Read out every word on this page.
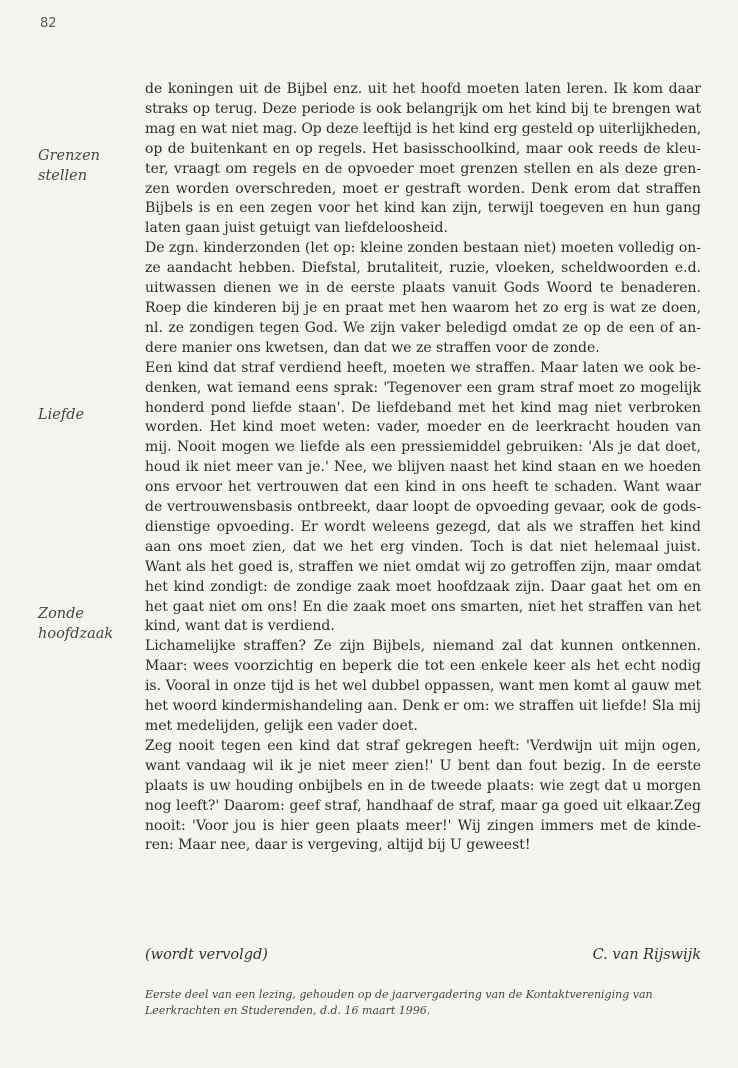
82
Grenzen
stellen
Liefde
Zonde
hoofdzaak
de koningen uit de Bijbel enz. uit het hoofd moeten laten leren. Ik kom daar
straks op terug. Deze periode is ook belangrijk om het kind bij te brengen wat
mag en wat niet mag. Op deze leeftijd is het kind erg gesteld op uiterlijkheden,
op de buitenkant en op regels. Het basisschoolkind, maar ook reeds de kleu-
ter, vraagt om regels en de opvoeder moet grenzen stellen en als deze gren-
zen worden overschreden, moet er gestraft worden. Denk erom dat straffen
Bijbels is en een zegen voor het kind kan zijn, terwijl toegeven en hun gang
laten gaan juist getuigt van liefdeloosheid.
De zgn. kinderzonden (let op: kleine zonden bestaan niet) moeten volledig on-
ze aandacht hebben. Diefstal, brutaliteit, ruzie, vloeken, scheldwoorden e.d.
uitwassen dienen we in de eerste plaats vanuit Gods Woord te benaderen.
Roep die kinderen bij je en praat met hen waarom het zo erg is wat ze doen,
nl. ze zondigen tegen God. We zijn vaker beledigd omdat ze op de een of an-
dere manier ons kwetsen, dan dat we ze straffen voor de zonde.
Een kind dat straf verdiend heeft, moeten we straffen. Maar laten we ook be-
denken, wat iemand eens sprak: 'Tegenover een gram straf moet zo mogelijk
honderd pond liefde staan'. De liefdeband met het kind mag niet verbroken
worden. Het kind moet weten: vader, moeder en de leerkracht houden van
mij. Nooit mogen we liefde als een pressiemiddel gebruiken: 'Als je dat doet,
houd ik niet meer van je.' Nee, we blijven naast het kind staan en we hoeden
ons ervoor het vertrouwen dat een kind in ons heeft te schaden. Want waar
de vertrouwensbasis ontbreekt, daar loopt de opvoeding gevaar, ook de gods-
dienstige opvoeding. Er wordt weleens gezegd, dat als we straffen het kind
aan ons moet zien, dat we het erg vinden. Toch is dat niet helemaal juist.
Want als het goed is, straffen we niet omdat wij zo getroffen zijn, maar omdat
het kind zondigt: de zondige zaak moet hoofdzaak zijn. Daar gaat het om en
het gaat niet om ons! En die zaak moet ons smarten, niet het straffen van het
kind, want dat is verdiend.
Lichamelijke straffen? Ze zijn Bijbels, niemand zal dat kunnen ontkennen.
Maar: wees voorzichtig en beperk die tot een enkele keer als het echt nodig
is. Vooral in onze tijd is het wel dubbel oppassen, want men komt al gauw met
het woord kindermishandeling aan. Denk er om: we straffen uit liefde! Sla mij
met medelijden, gelijk een vader doet.
Zeg nooit tegen een kind dat straf gekregen heeft: 'Verdwijn uit mijn ogen,
want vandaag wil ik je niet meer zien!' U bent dan fout bezig. In de eerste
plaats is uw houding onbijbels en in de tweede plaats: wie zegt dat u morgen
nog leeft?' Daarom: geef straf, handhaaf de straf, maar ga goed uit elkaar.Zeg
nooit: 'Voor jou is hier geen plaats meer!' Wij zingen immers met de kinde-
ren: Maar nee, daar is vergeving, altijd bij U geweest!
(wordt vervolgd)	C. van Rijswijk
Eerste deel van een lezing, gehouden op de jaarvergadering van de Kontaktvereniging van
Leerkrachten en Studerenden, d.d. 16 maart 1996.
